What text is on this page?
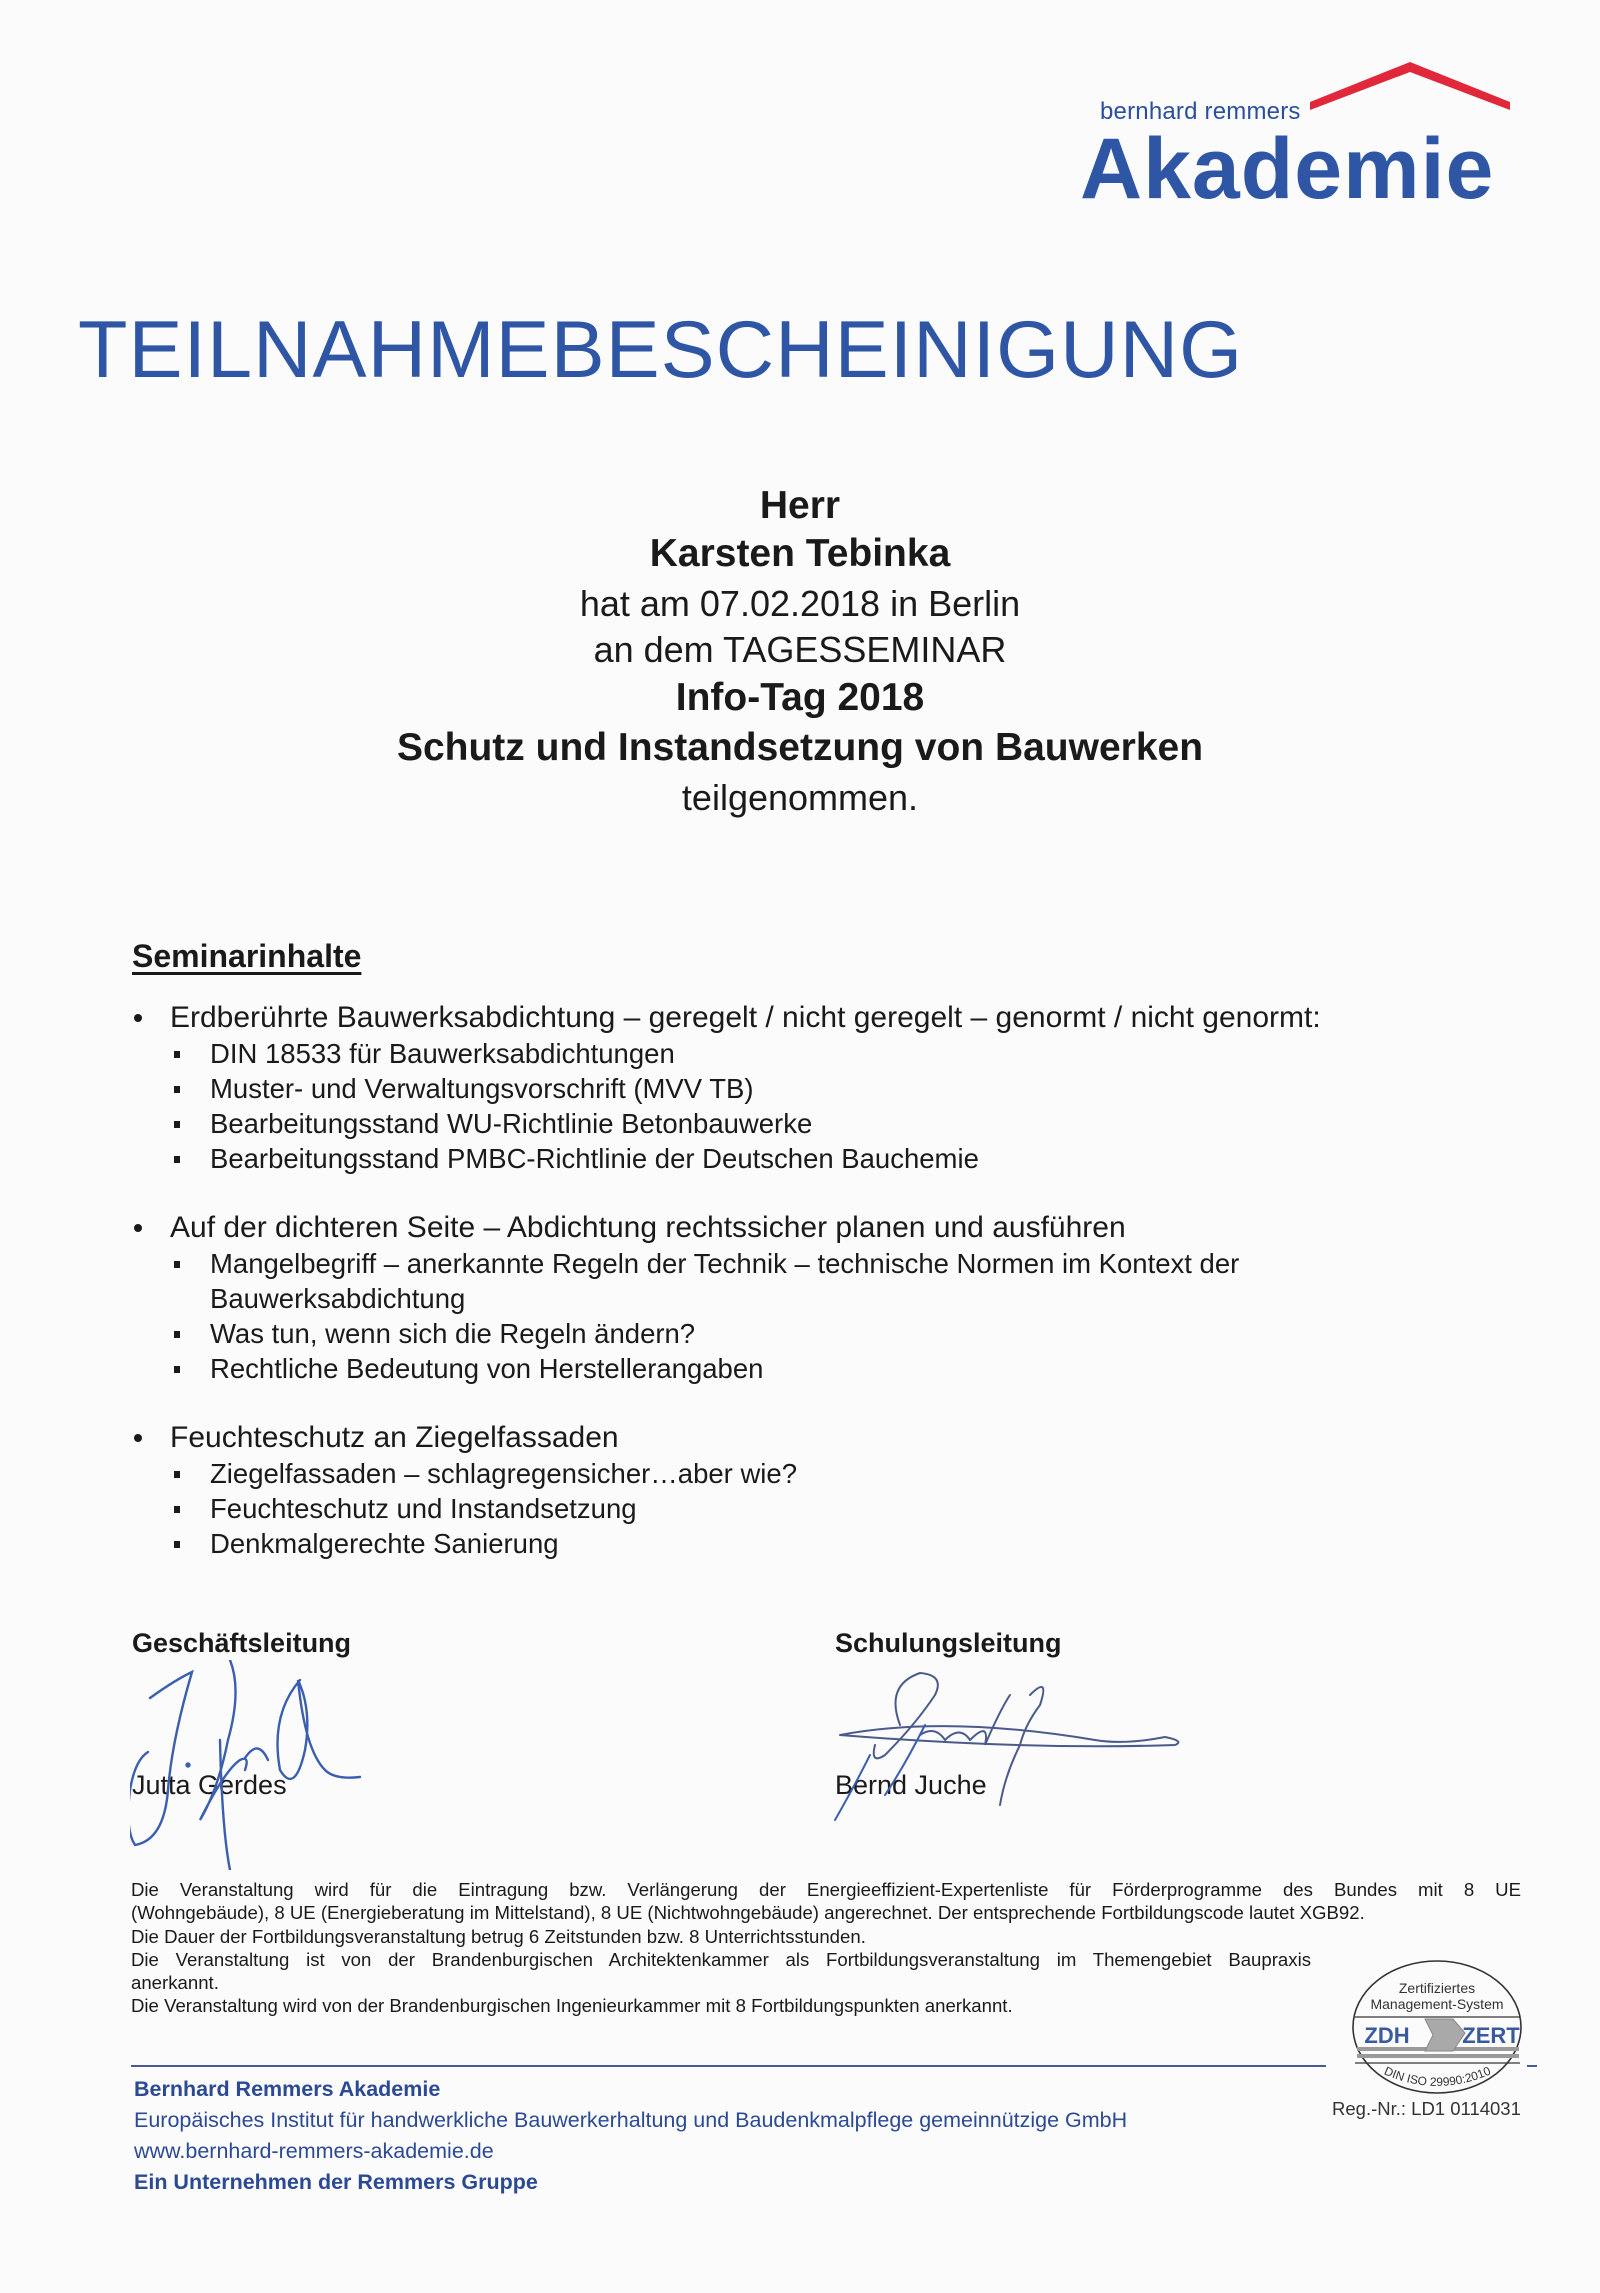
bernhard remmers
Akademie
TEILNAHMEBESCHEINIGUNG
Herr
Karsten Tebinka
hat am 07.02.2018 in Berlin
an dem TAGESSEMINAR
Info-Tag 2018
Schutz und Instandsetzung von Bauwerken
teilgenommen.
Seminarinhalte
Erdberührte Bauwerksabdichtung – geregelt / nicht geregelt – genormt / nicht genormt:
DIN 18533 für Bauwerksabdichtungen
Muster- und Verwaltungsvorschrift (MVV TB)
Bearbeitungsstand WU-Richtlinie Betonbauwerke
Bearbeitungsstand PMBC-Richtlinie der Deutschen Bauchemie
Auf der dichteren Seite – Abdichtung rechtssicher planen und ausführen
Mangelbegriff – anerkannte Regeln der Technik – technische Normen im Kontext der
Bauwerksabdichtung
Was tun, wenn sich die Regeln ändern?
Rechtliche Bedeutung von Herstellerangaben
Feuchteschutz an Ziegelfassaden
Ziegelfassaden – schlagregensicher…aber wie?
Feuchteschutz und Instandsetzung
Denkmalgerechte Sanierung
Geschäftsleitung
Jutta Gerdes
Schulungsleitung
Bernd Juche

Die Veranstaltung wird für die Eintragung bzw. Verlängerung der Energieeffizient-Expertenliste für Förderprogramme des Bundes mit 8 UE

(Wohngebäude), 8 UE (Energieberatung im Mittelstand), 8 UE (Nichtwohngebäude) angerechnet. Der entsprechende Fortbildungscode lautet XGB92.

Die Dauer der Fortbildungsveranstaltung betrug 6 Zeitstunden bzw. 8 Unterrichtsstunden.

Die Veranstaltung ist von der Brandenburgischen Architektenkammer als Fortbildungsveranstaltung im Themengebiet Baupraxis

anerkannt.

Die Veranstaltung wird von der Brandenburgischen Ingenieurkammer mit 8 Fortbildungspunkten anerkannt.

Zertifiziertes
Management-System
ZDH ZERT
DIN ISO 29990:2010
Reg.-Nr.: LD1 0114031
Bernhard Remmers Akademie
Europäisches Institut für handwerkliche Bauwerkerhaltung und Baudenkmalpflege gemeinnützige GmbH
www.bernhard-remmers-akademie.de
Ein Unternehmen der Remmers Gruppe
